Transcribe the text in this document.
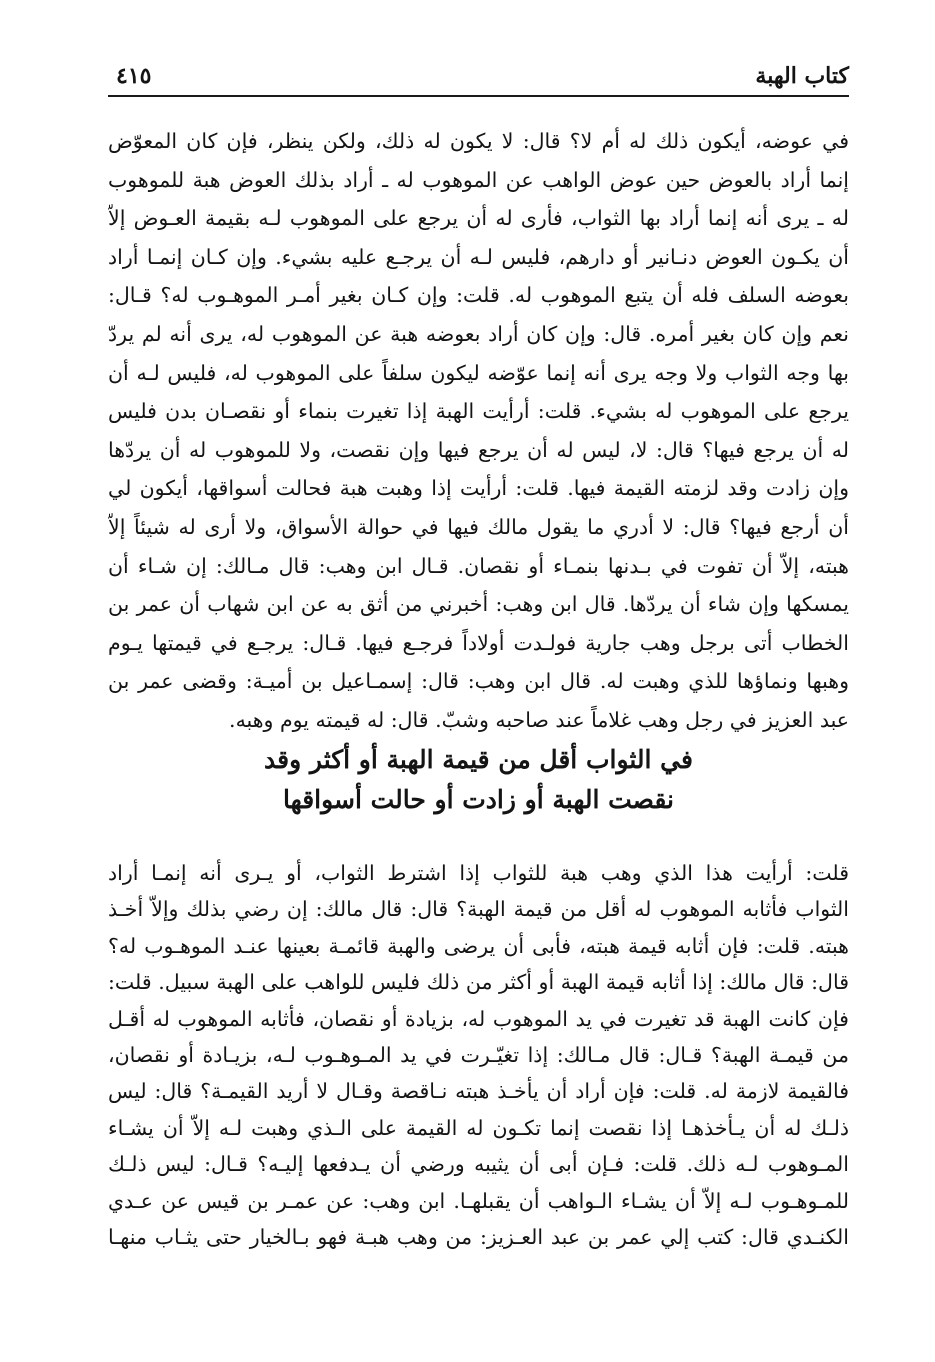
كتاب الهبة
٤١٥
في عوضه، أيكون ذلك له أم لا؟ قال: لا يكون له ذلك، ولكن ينظر، فإن كان المعوّض
إنما أراد بالعوض حين عوض الواهب عن الموهوب له ـ أراد بذلك العوض هبة للموهوب
له ـ يرى أنه إنما أراد بها الثواب، فأرى له أن يرجع على الموهوب لـه بقيمة العـوض إلاّ
أن يكـون العوض دنـانير أو دارهم، فليس لـه أن يرجـع عليه بشيء. وإن كـان إنمـا أراد
بعوضه السلف فله أن يتبع الموهوب له. قلت: وإن كـان بغير أمـر الموهـوب له؟ قـال:
نعم وإن كان بغير أمره. قال: وإن كان أراد بعوضه هبة عن الموهوب له، يرى أنه لم يردّ
بها وجه الثواب ولا وجه يرى أنه إنما عوّضه ليكون سلفاً على الموهوب له، فليس لـه أن
يرجع على الموهوب له بشيء. قلت: أرأيت الهبة إذا تغيرت بنماء أو نقصـان بدن فليس
له أن يرجع فيها؟ قال: لا، ليس له أن يرجع فيها وإن نقصت، ولا للموهوب له أن يردّها
وإن زادت وقد لزمته القيمة فيها. قلت: أرأيت إذا وهبت هبة فحالت أسواقها، أيكون لي
أن أرجع فيها؟ قال: لا أدري ما يقول مالك فيها في حوالة الأسواق، ولا أرى له شيئاً إلاّ
هبته، إلاّ أن تفوت في بـدنها بنمـاء أو نقصان. قـال ابن وهب: قال مـالك: إن شـاء أن
يمسكها وإن شاء أن يردّها. قال ابن وهب: أخبرني من أثق به عن ابن شهاب أن عمر بن
الخطاب أتى برجل وهب جارية فولـدت أولاداً فرجـع فيها. قـال: يرجـع في قيمتها يـوم
وهبها ونماؤها للذي وهبت له. قال ابن وهب: قال: إسمـاعيل بن أميـة: وقضى عمر بن
عبد العزيز في رجل وهب غلاماً عند صاحبه وشبّ. قال: له قيمته يوم وهبه.
في الثواب أقل من قيمة الهبة أو أكثر وقد
نقصت الهبة أو زادت أو حالت أسواقها
قلت: أرأيت هذا الذي وهب هبة للثواب إذا اشترط الثواب، أو يـرى أنه إنمـا أراد
الثواب فأثابه الموهوب له أقل من قيمة الهبة؟ قال: قال مالك: إن رضي بذلك وإلاّ أخـذ
هبته. قلت: فإن أثابه قيمة هبته، فأبى أن يرضى والهبة قائمـة بعينها عنـد الموهـوب له؟
قال: قال مالك: إذا أثابه قيمة الهبة أو أكثر من ذلك فليس للواهب على الهبة سبيل. قلت:
فإن كانت الهبة قد تغيرت في يد الموهوب له، بزيادة أو نقصان، فأثابه الموهوب له أقـل
من قيمـة الهبة؟ قـال: قال مـالك: إذا تغيّـرت في يد المـوهـوب لـه، بزيـادة أو نقصان،
فالقيمة لازمة له. قلت: فإن أراد أن يأخـذ هبته نـاقصة وقـال لا أريد القيمـة؟ قال: ليس
ذلـك له أن يـأخذهـا إذا نقصت إنما تكـون له القيمة على الـذي وهبت لـه إلاّ أن يشـاء
المـوهوب لـه ذلك. قلت: فـإن أبى أن يثيبه ورضي أن يـدفعها إليـه؟ قـال: ليس ذلـك
للمـوهـوب لـه إلاّ أن يشـاء الـواهب أن يقبلهـا. ابن وهب: عن عمـر بن قيس عن عـدي
الكنـدي قال: كتب إلي عمر بن عبد العـزيز: من وهب هبـة فهو بـالخيار حتى يثـاب منهـا
